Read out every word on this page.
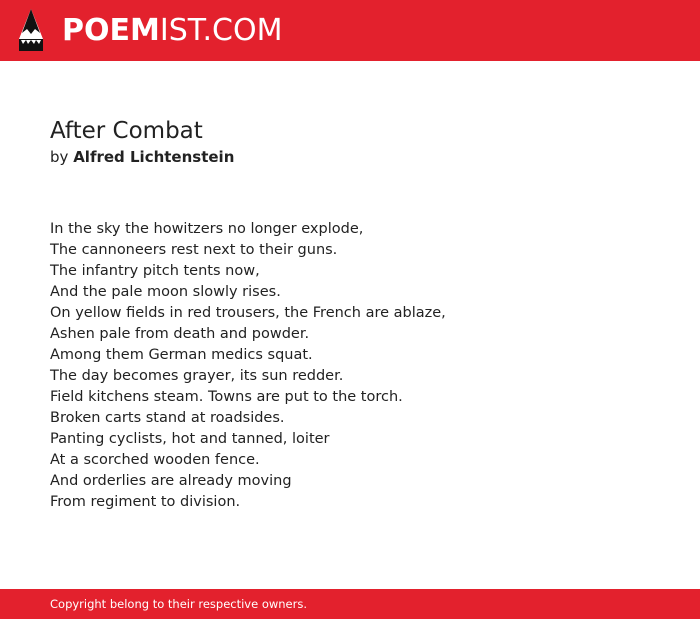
POEMIST.COM
After Combat

by Alfred Lichtenstein

In the sky the howitzers no longer explode,
The cannoneers rest next to their guns.
The infantry pitch tents now,
And the pale moon slowly rises.
On yellow fields in red trousers, the French are ablaze,
Ashen pale from death and powder.
Among them German medics squat.
The day becomes grayer, its sun redder.
Field kitchens steam. Towns are put to the torch.
Broken carts stand at roadsides.
Panting cyclists, hot and tanned, loiter
At a scorched wooden fence.
And orderlies are already moving
From regiment to division.
Copyright belong to their respective owners.
